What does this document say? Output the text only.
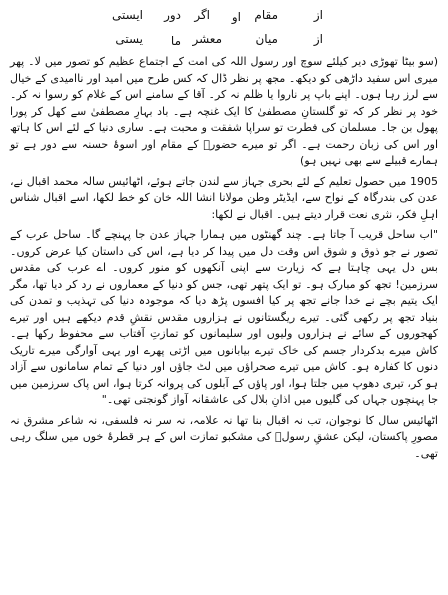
از
مقام
او
اگر
دور
ایستی
از
میان
معشر
ما
یستی

(سو بیٹا تھوڑی دیر کیلئے سوچ اور رسول اللہ کی امت کے اجتماع عظیم کو تصور میں لا۔ پھر میری اس سفید داڑھی کو دیکھ۔ مجھ پر نظر ڈال کہ کس طرح میں امید اور ناامیدی کے خیال سے لرز رہا ہوں۔ اپنے باپ پر ناروا یا ظلم نہ کر۔ آقا کے سامنے اس کے غلام کو رسوا نہ کر۔ خود پر نظر کر کہ تو گلستانِ مصطفیٰ کا ایک غنچہ ہے۔ باد بہارِ مصطفیٰ سے کھل کر پورا پھول بن جا۔ مسلمان کی فطرت تو سراپا شفقت و محبت ہے۔ ساری دنیا کے لئے اس کا ہاتھ اور اس کی زبان رحمت ہے۔ اگر تو میرے حضورؐ کے مقام اور اسوۂ حسنہ سے دور ہے تو ہمارے قبیلے سے بھی نہیں ہو)

1905 میں حصول تعلیم کے لئے بحری جہاز سے لندن جاتے ہوئے، اٹھائیس سالہ محمد اقبال نے، عدن کی بندرگاہ کے نواح سے، ایڈیٹر وطن مولانا انشا اللہ خان کو خط لکھا، اسے اقبال شناس اہلِ فکر، نثری نعت قرار دیتے ہیں۔ اقبال نے لکھا:

"اب ساحل قریب آ جاتا ہے۔ چند گھنٹوں میں ہمارا جہاز عدن جا پہنچے گا۔ ساحل عرب کے تصور نے جو ذوق و شوق اس وقت دل میں پیدا کر دیا ہے، اس کی داستان کیا عرض کروں۔ بس دل یہی چاہتا ہے کہ زیارت سے اپنی آنکھوں کو منور کروں۔ اے عرب کی مقدس سرزمین! تجھ کو مبارک ہو۔ تو ایک پتھر تھی، جس کو دنیا کے معماروں نے رد کر دیا تھا، مگر ایک یتیم بچے نے خدا جانے تجھ پر کیا افسوں پڑھ دیا کہ موجودہ دنیا کی تہذیب و تمدن کی بنیاد تجھ پر رکھی گئی۔ تیرے ریگستانوں نے ہزاروں مقدس نقشِ قدم دیکھے ہیں اور تیرے کھجوروں کے سائے نے ہزاروں ولیوں اور سلیمانوں کو تمازتِ آفتاب سے محفوظ رکھا ہے۔ کاش میرے بدکردار جسم کی خاک تیرے بیابانوں میں اڑتی پھرے اور یہی آوارگی میرے تاریک دنوں کا کفارہ ہو۔ کاش میں تیرے صحراؤں میں لٹ جاؤں اور دنیا کے تمام سامانوں سے آزاد ہو کر، تیری دھوپ میں جلتا ہوا، اور پاؤں کے آبلوں کی پروانہ کرتا ہوا، اس پاک سرزمین میں جا پہنچوں جہاں کی گلیوں میں اذانِ بلال کی عاشقانہ آواز گونجتی تھی۔"

اٹھائیس سال کا نوجوان، تب نہ اقبال بنا تھا نہ علامہ، نہ سر نہ فلسفی، نہ شاعر مشرق نہ مصورِ پاکستان، لیکن عشقِ رسولؐ کی مشکبو تمازت اس کے ہر قطرۂ خوں میں سلگ رہی تھی۔
